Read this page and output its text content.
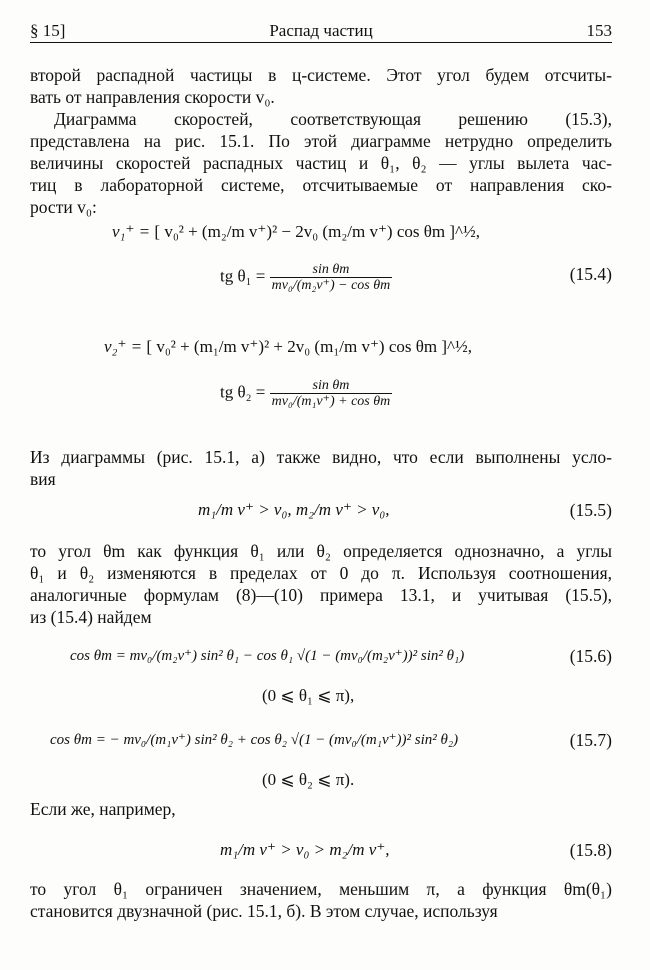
§ 15]	Распад частиц	153
второй распадной частицы в ц-системе. Этот угол будем отсчиты-
вать от направления скорости v₀.
Диаграмма скоростей, соответствующая решению (15.3),
представлена на рис. 15.1. По этой диаграмме нетрудно определить
величины скоростей распадных частиц и θ₁, θ₂ — углы вылета час-
тиц в лабораторной системе, отсчитываемые от направления ско-
рости v₀:
v₁⁺ = [ v₀² + (m₂/m v⁺)² − 2v₀ (m₂/m v⁺) cos θm ]^½,
tg $\theta_1 = \frac{\text{sin θm}}{\text{mv₀/(m₂v⁺) − cos θm}}$	(15.4)
v₂⁺ = [ v₀² + (m₁/m v⁺)² + 2v₀ (m₁/m v⁺) cos θm ]^½,
tg $\theta_2 = \frac{\text{sin θm}}{\text{mv₀/(m₁v⁺) + cos θm}}$
Из диаграммы (рис. 15.1, а) также видно, что если выполнены усло-
вия
m₁/m v⁺ > v₀, m₂/m v⁺ > v₀,	(15.5)
то угол θm как функция θ₁ или θ₂ определяется однозначно, а углы
θ₁ и θ₂ изменяются в пределах от 0 до π. Используя соотношения,
аналогичные формулам (8)—(10) примера 13.1, и учитывая (15.5),
из (15.4) найдем
cos θm = mv₀/(m₂v⁺) sin² θ₁ − cos θ₁ √(1 − (mv₀/(m₂v⁺))² sin² θ₁)	(15.6)
(0 ⩽ θ₁ ⩽ π),
cos θm = − mv₀/(m₁v⁺) sin² θ₂ + cos θ₂ √(1 − (mv₀/(m₁v⁺))² sin² θ₂)	(15.7)
(0 ⩽ θ₂ ⩽ π).
Если же, например,
m₁/m v⁺ > v₀ > m₂/m v⁺,	(15.8)
то угол θ₁ ограничен значением, меньшим π, а функция θm(θ₁)
становится двузначной (рис. 15.1, б). В этом случае, используя
